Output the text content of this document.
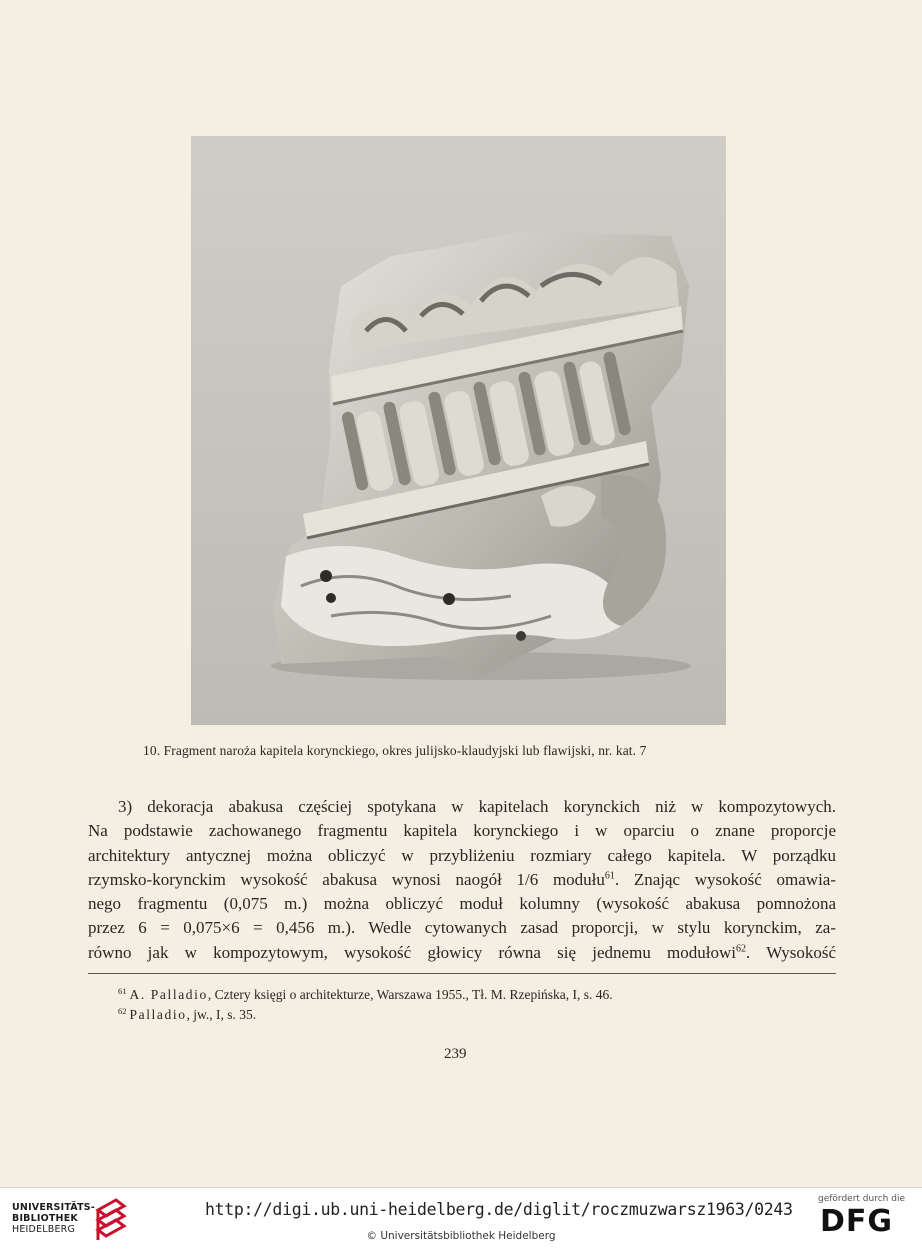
10. Fragment naroża kapitela korynckiego, okres julijsko-klaudyjski lub flawijski, nr. kat. 7

3) dekoracja abakusa częściej spotykana w kapitelach korynckich niż w kompozytowych.

Na podstawie zachowanego fragmentu kapitela korynckiego i w oparciu o znane proporcje

architektury antycznej można obliczyć w przybliżeniu rozmiary całego kapitela. W porządku

rzymsko-korynckim wysokość abakusa wynosi naogół 1/6 modułu$^{61}$. Znając wysokość omawia-

nego fragmentu (0,075 m.) można obliczyć moduł kolumny (wysokość abakusa pomnożona

przez 6 = 0,075×6 = 0,456 m.). Wedle cytowanych zasad proporcji, w stylu korynckim, za-

równo jak w kompozytowym, wysokość głowicy równa się jednemu modułowi$^{62}$. Wysokość

$^{61}$ A. Palladio, Cztery księgi o architekturze, Warszawa 1955., Tł. M. Rzepińska, I, s. 46.
$^{62}$ Palladio, jw., I, s. 35.
239
UNIVERSITÄTS-
BIBLIOTHEK
HEIDELBERG
http://digi.ub.uni-heidelberg.de/diglit/roczmuzwarsz1963/0243
© Universitätsbibliothek Heidelberg
gefördert durch die
DFG
